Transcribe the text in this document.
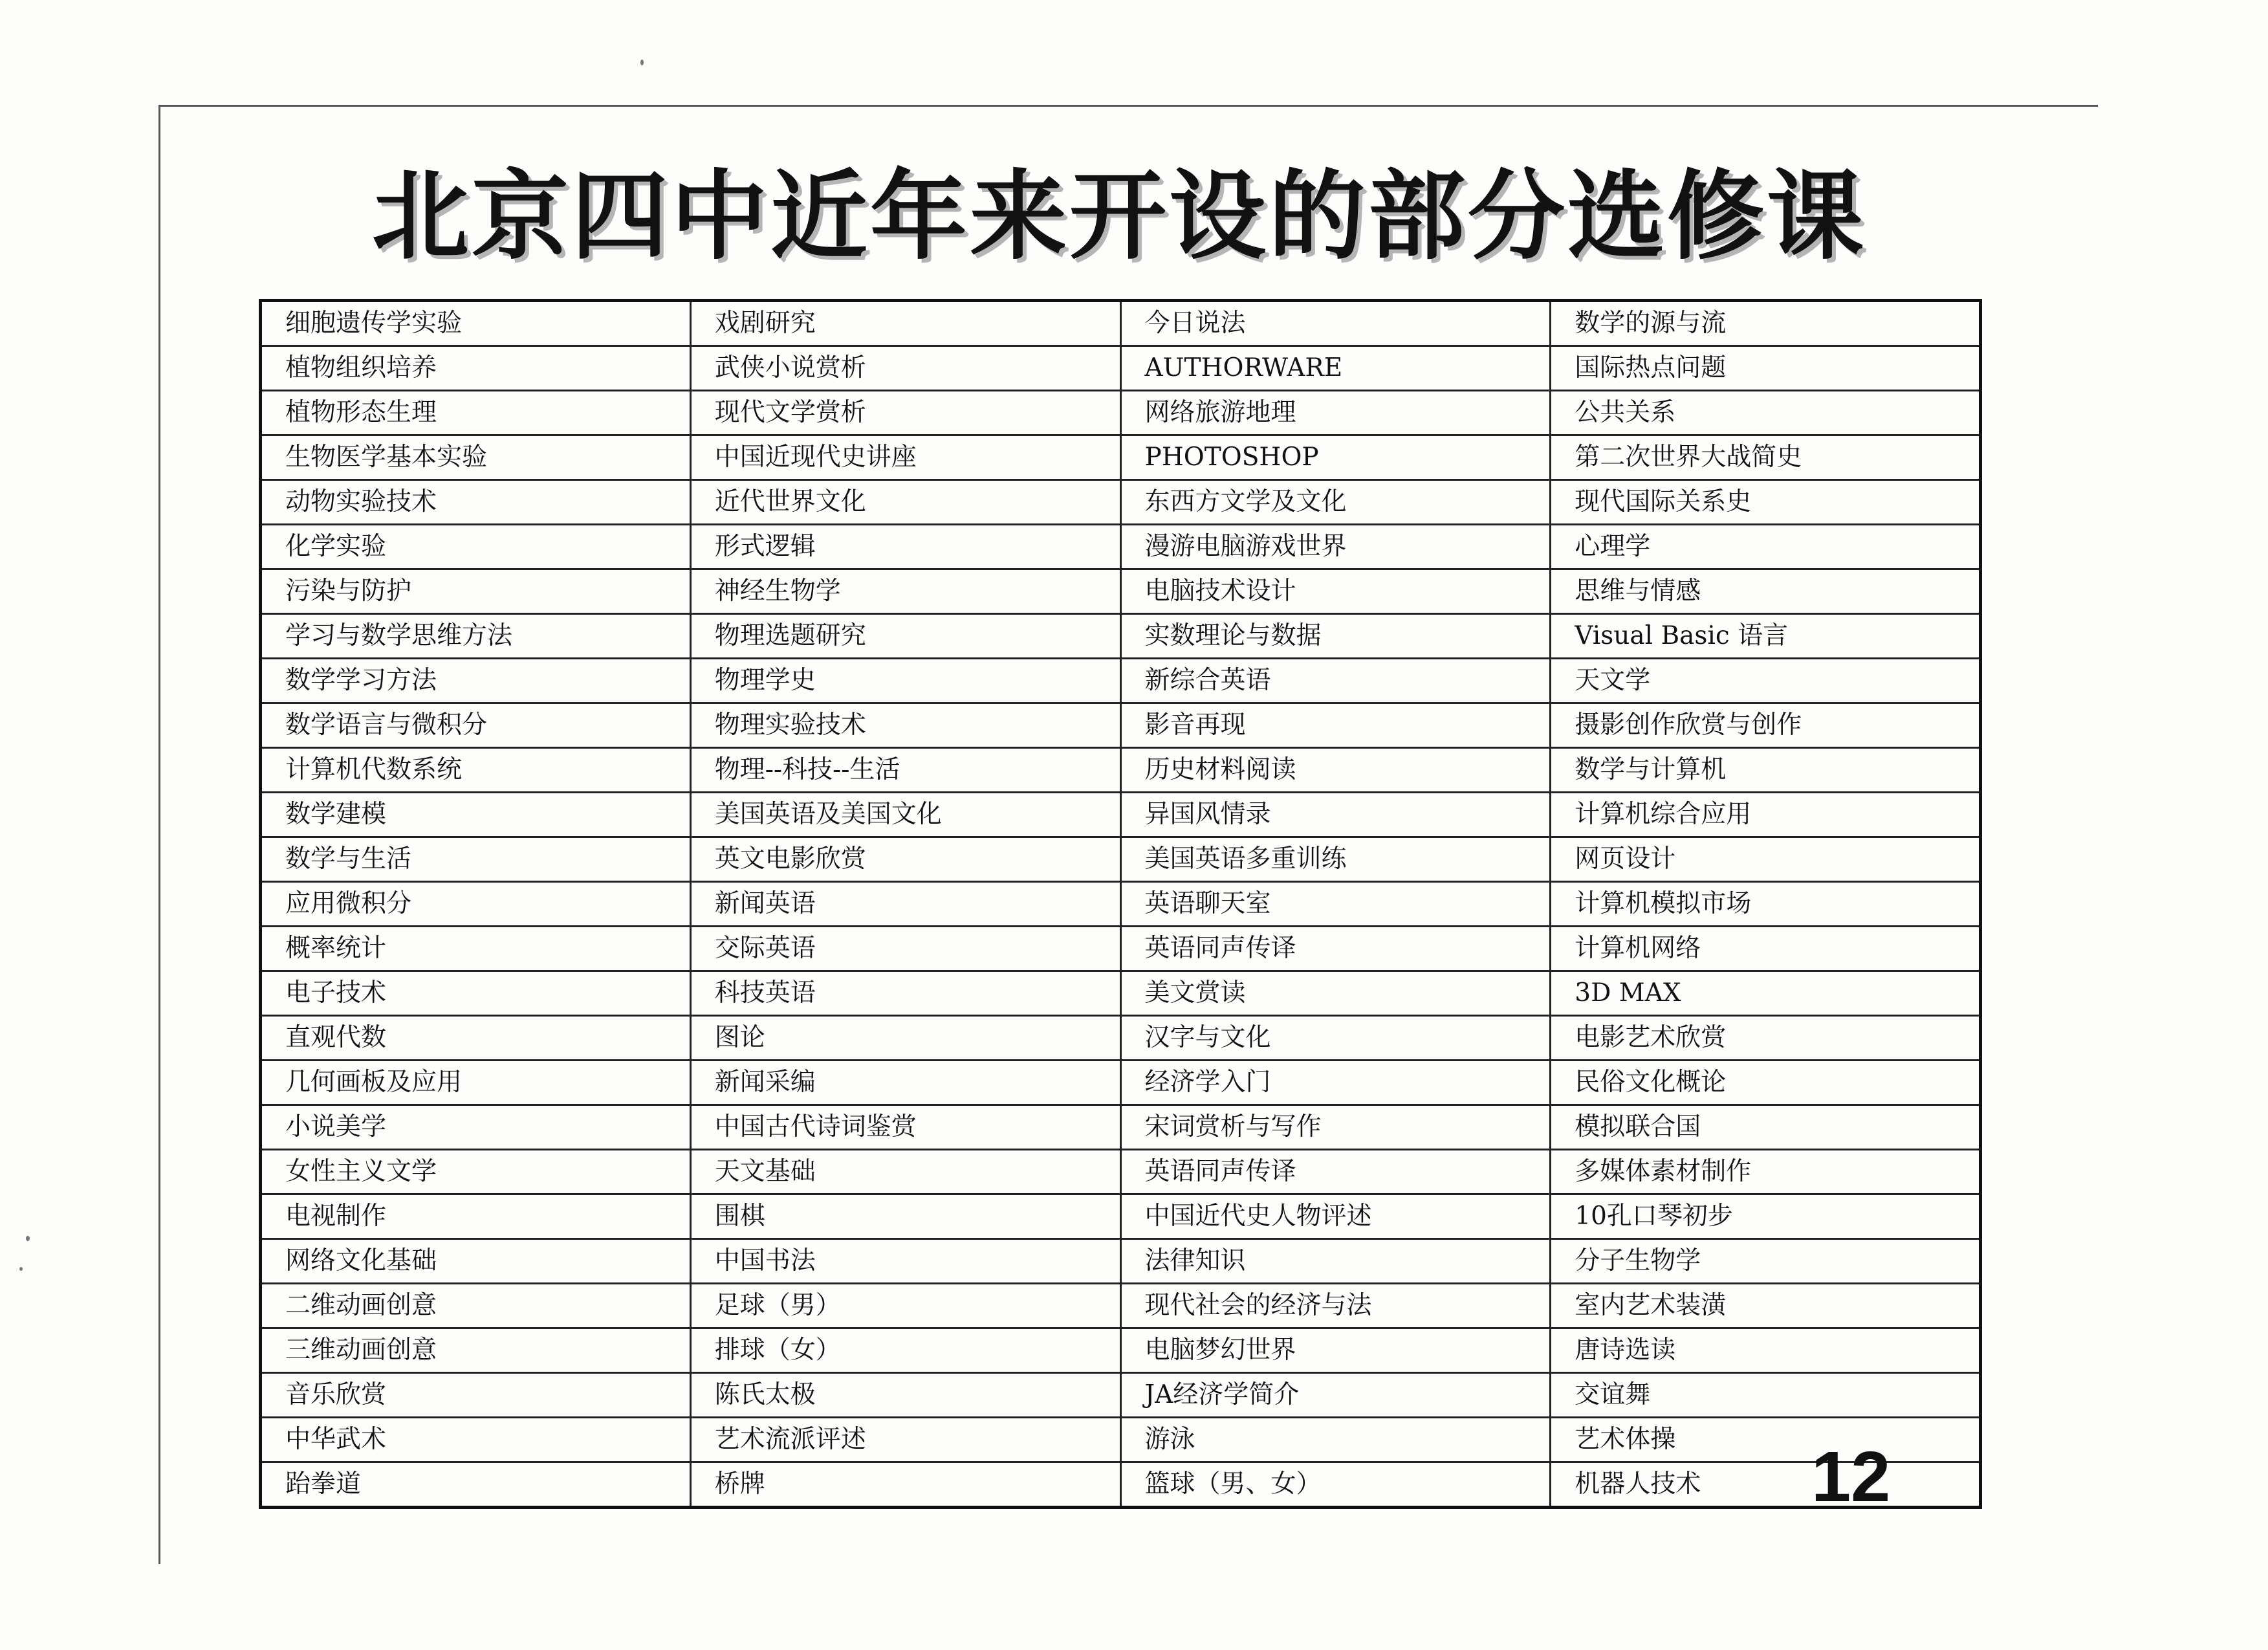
北京四中近年来开设的部分选修课
细胞遗传学实验	戏剧研究	今日说法	数学的源与流
植物组织培养	武侠小说赏析	AUTHORWARE	国际热点问题
植物形态生理	现代文学赏析	网络旅游地理	公共关系
生物医学基本实验	中国近现代史讲座	PHOTOSHOP	第二次世界大战简史
动物实验技术	近代世界文化	东西方文学及文化	现代国际关系史
化学实验	形式逻辑	漫游电脑游戏世界	心理学
污染与防护	神经生物学	电脑技术设计	思维与情感
学习与数学思维方法	物理选题研究	实数理论与数据	Visual Basic 语言
数学学习方法	物理学史	新综合英语	天文学
数学语言与微积分	物理实验技术	影音再现	摄影创作欣赏与创作
计算机代数系统	物理--科技--生活	历史材料阅读	数学与计算机
数学建模	美国英语及美国文化	异国风情录	计算机综合应用
数学与生活	英文电影欣赏	美国英语多重训练	网页设计
应用微积分	新闻英语	英语聊天室	计算机模拟市场
概率统计	交际英语	英语同声传译	计算机网络
电子技术	科技英语	美文赏读	3D MAX
直观代数	图论	汉字与文化	电影艺术欣赏
几何画板及应用	新闻采编	经济学入门	民俗文化概论
小说美学	中国古代诗词鉴赏	宋词赏析与写作	模拟联合国
女性主义文学	天文基础	英语同声传译	多媒体素材制作
电视制作	围棋	中国近代史人物评述	10孔口琴初步
网络文化基础	中国书法	法律知识	分子生物学
二维动画创意	足球（男）	现代社会的经济与法	室内艺术装潢
三维动画创意	排球（女）	电脑梦幻世界	唐诗选读
音乐欣赏	陈氏太极	JA经济学简介	交谊舞
中华武术	艺术流派评述	游泳	艺术体操
跆拳道	桥牌	篮球（男、女）	机器人技术 12
